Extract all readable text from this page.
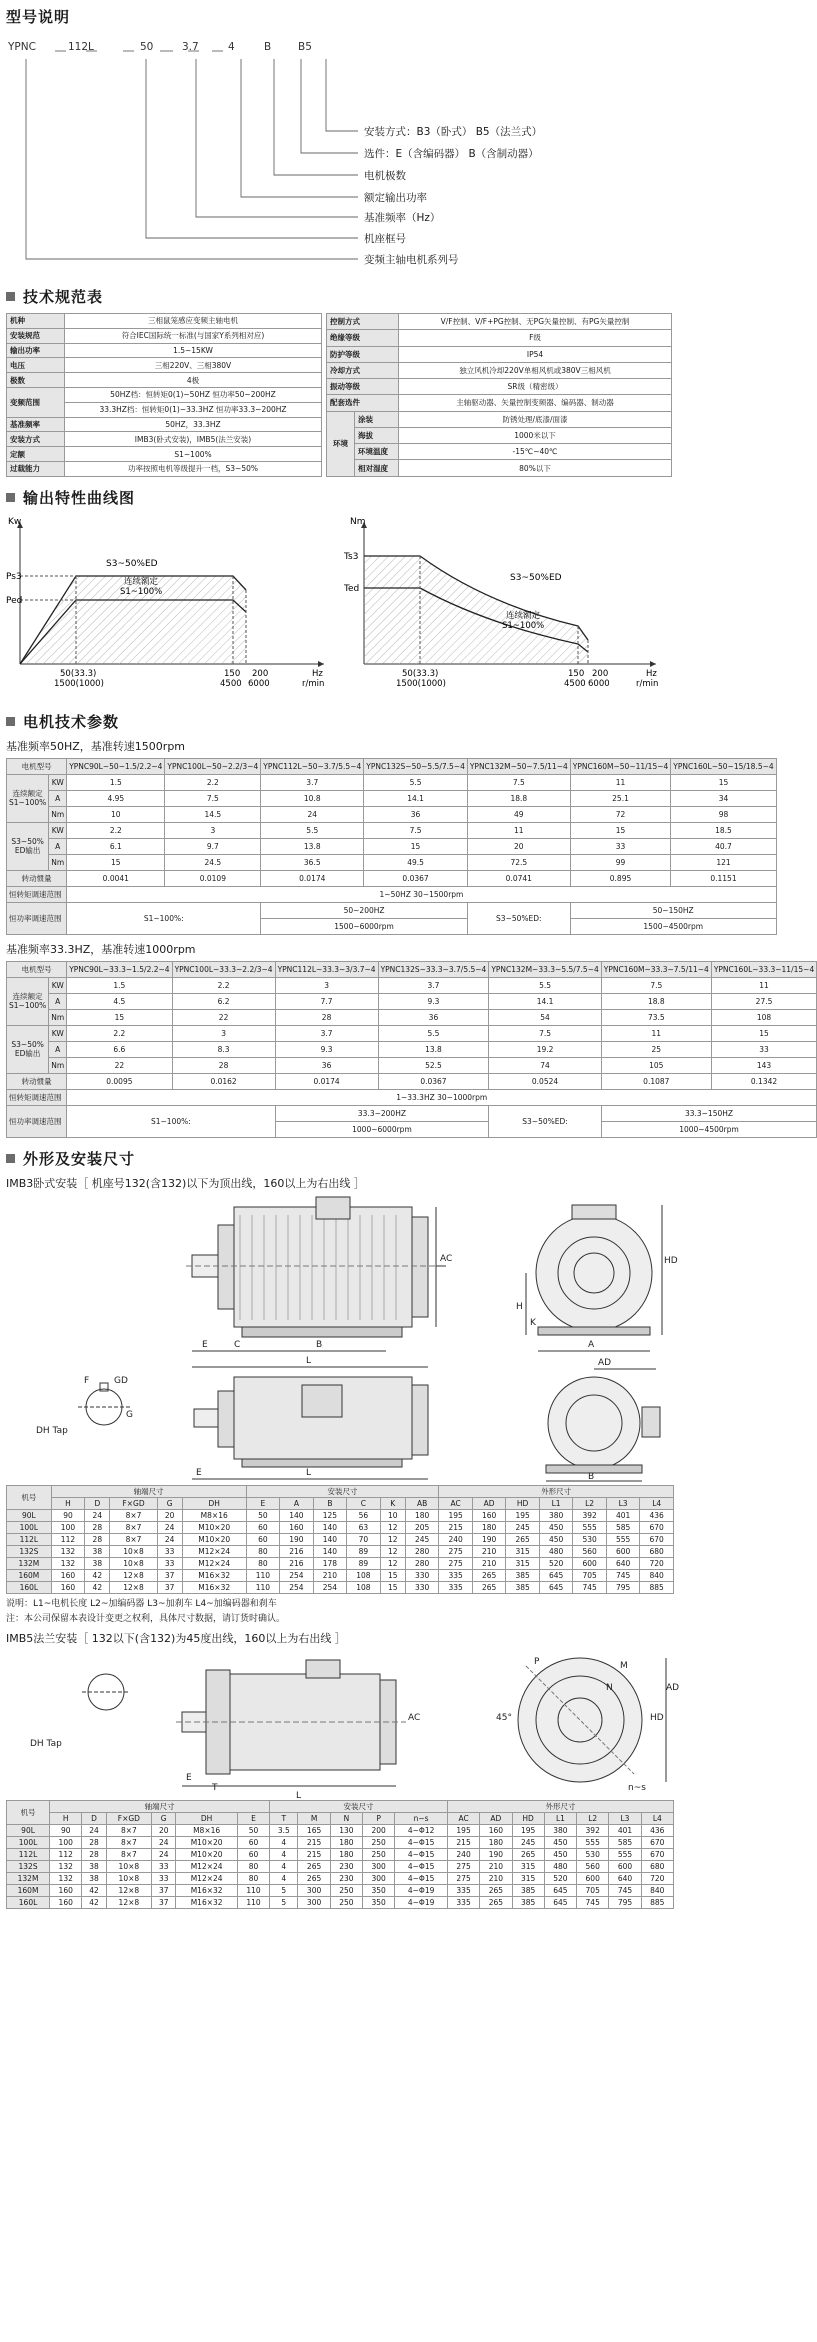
型号说明
YPNC	112L	50	3.7	4	B	B5
安装方式：B3（卧式） B5（法兰式）
选件：E（含编码器） B（含制动器）
电机极数
额定输出功率
基准频率（Hz）
机座框号
变频主轴电机系列号
技术规范表
机种	三相鼠笼感应变频主轴电机
安装规范	符合IEC国际统一标准(与国家Y系列相对应)
输出功率	1.5~15KW
电压	三相220V、三相380V
极数	4极
变频范围	50HZ档：恒转矩0(1)~50HZ 恒功率50~200HZ
	33.3HZ档：恒转矩0(1)~33.3HZ 恒功率33.3~200HZ
基准频率	50HZ，33.3HZ
安装方式	IMB3(卧式安装)，IMB5(法兰安装)
定额	S1~100%
过载能力	功率按照电机等级提升一档，S3~50%
控制方式		V/F控制、V/F+PG控制、无PG矢量控制、有PG矢量控制
绝缘等级		F级
防护等级		IP54
冷却方式		独立风机冷却220V单相风机或380V三相风机
振动等级		SR级（精密级）
配套选件		主轴驱动器、矢量控制变频器、编码器、制动器
环境	涂装	防锈处理/底漆/面漆
	海拔	1000米以下
	环境温度	-15℃~40℃
	相对湿度	80%以下
输出特性曲线图
Kw
Ps3
Ped
S3~50%ED
连续额定
S1~100%
50(33.3)
1500(1000)
150
4500
200
6000
Hz
r/min
Nm
Ts3
Ted
S3~50%ED
连续额定
S1~100%
50(33.3)
1500(1000)
150
4500
200
6000
Hz
r/min
电机技术参数
基准频率50HZ，基准转速1500rpm
电机型号		YPNC90L~50~1.5/2.2~4	YPNC100L~50~2.2/3~4	YPNC112L~50~3.7/5.5~4	YPNC132S~50~5.5/7.5~4	YPNC132M~50~7.5/11~4	YPNC160M~50~11/15~4	YPNC160L~50~15/18.5~4
连续额定 S1~100%	KW	1.5	2.2	3.7	5.5	7.5	11	15
	A	4.95	7.5	10.8	14.1	18.8	25.1	34
	Nm	10	14.5	24	36	49	72	98
S3~50% ED输出	KW	2.2	3	5.5	7.5	11	15	18.5
	A	6.1	9.7	13.8	15	20	33	40.7
	Nm	15	24.5	36.5	49.5	72.5	99	121
转动惯量		0.0041	0.0109	0.0174	0.0367	0.0741	0.895	0.1151
恒转矩调速范围		1~50HZ 30~1500rpm						
恒功率调速范围		S1~100%:		50~200HZ		S3~50%ED:	50~150HZ	
				1500~6000rpm			1500~4500rpm	
基准频率33.3HZ，基准转速1000rpm
电机型号		YPNC90L~33.3~1.5/2.2~4	YPNC100L~33.3~2.2/3~4	YPNC112L~33.3~3/3.7~4	YPNC132S~33.3~3.7/5.5~4	YPNC132M~33.3~5.5/7.5~4	YPNC160M~33.3~7.5/11~4	YPNC160L~33.3~11/15~4
连续额定 S1~100%	KW	1.5	2.2	3	3.7	5.5	7.5	11
	A	4.5	6.2	7.7	9.3	14.1	18.8	27.5
	Nm	15	22	28	36	54	73.5	108
S3~50% ED输出	KW	2.2	3	3.7	5.5	7.5	11	15
	A	6.6	8.3	9.3	13.8	19.2	25	33
	Nm	22	28	36	52.5	74	105	143
转动惯量		0.0095	0.0162	0.0174	0.0367	0.0524	0.1087	0.1342
恒转矩调速范围		1~33.3HZ 30~1000rpm						
恒功率调速范围		S1~100%:		33.3~200HZ		S3~50%ED:	33.3~150HZ	
				1000~6000rpm			1000~4500rpm	
外形及安装尺寸
IMB3卧式安装［ 机座号132(含132)以下为顶出线，160以上为右出线 ］
E	C	B
L
A
K
AC	HD
H
AD
GD
F
G
DH Tap
E	L	B
机号	轴端尺寸					安装尺寸						外形尺寸						
	H	D	F×GD	G	DH	E	A	B	C	K	AB	AC	AD	HD	L1	L2	L3	L4
90L	90	24	8×7	20	M8×16	50	140	125	56	10	180	195	160	195	380	392	401	436
100L	100	28	8×7	24	M10×20	60	160	140	63	12	205	215	180	245	450	555	585	670
112L	112	28	8×7	24	M10×20	60	190	140	70	12	245	240	190	265	450	530	555	670
132S	132	38	10×8	33	M12×24	80	216	140	89	12	280	275	210	315	480	560	600	680
132M	132	38	10×8	33	M12×24	80	216	178	89	12	280	275	210	315	520	600	640	720
160M	160	42	12×8	37	M16×32	110	254	210	108	15	330	335	265	385	645	705	745	840
160L	160	42	12×8	37	M16×32	110	254	254	108	15	330	335	265	385	645	745	795	885
说明：L1~电机长度 L2~加编码器 L3~加刹车 L4~加编码器和刹车
注：本公司保留本表设计变更之权利，具体尺寸数据，请订货时确认。
IMB5法兰安装［ 132以下(含132)为45度出线，160以上为右出线 ］
DH Tap
T
E
L
45°
P	M
N
AC	HD
AD
n~s
机号	轴端尺寸						安装尺寸					外形尺寸						
	H	D	F×GD	G	DH	E	T	M	N	P	n~s	AC	AD	HD	L1	L2	L3	L4
90L	90	24	8×7	20	M8×16	50	3.5	165	130	200	4~Φ12	195	160	195	380	392	401	436
100L	100	28	8×7	24	M10×20	60	4	215	180	250	4~Φ15	215	180	245	450	555	585	670
112L	112	28	8×7	24	M10×20	60	4	215	180	250	4~Φ15	240	190	265	450	530	555	670
132S	132	38	10×8	33	M12×24	80	4	265	230	300	4~Φ15	275	210	315	480	560	600	680
132M	132	38	10×8	33	M12×24	80	4	265	230	300	4~Φ15	275	210	315	520	600	640	720
160M	160	42	12×8	37	M16×32	110	5	300	250	350	4~Φ19	335	265	385	645	705	745	840
160L	160	42	12×8	37	M16×32	110	5	300	250	350	4~Φ19	335	265	385	645	745	795	885
